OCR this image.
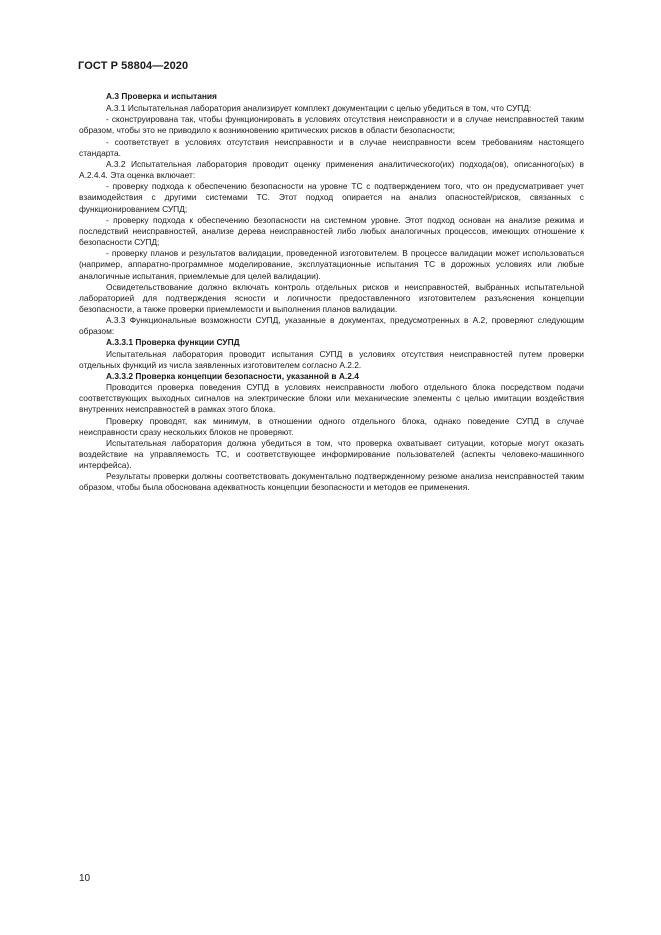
ГОСТ Р 58804—2020

А.3 Проверка и испытания

А.3.1 Испытательная лаборатория анализирует комплект документации с целью убедиться в том, что СУПД:

- сконструирована так, чтобы функционировать в условиях отсутствия неисправности и в случае неисправностей таким образом, чтобы это не приводило к возникновению критических рисков в области безопасности;

- соответствует в условиях отсутствия неисправности и в случае неисправности всем требованиям настоящего стандарта.

А.3.2 Испытательная лаборатория проводит оценку применения аналитического(их) подхода(ов), описанного(ых) в А.2.4.4. Эта оценка включает:

- проверку подхода к обеспечению безопасности на уровне ТС с подтверждением того, что он предусматривает учет взаимодействия с другими системами ТС. Этот подход опирается на анализ опасностей/рисков, связанных с функционированием СУПД;

- проверку подхода к обеспечению безопасности на системном уровне. Этот подход основан на анализе режима и последствий неисправностей, анализе дерева неисправностей либо любых аналогичных процессов, имеющих отношение к безопасности СУПД;

- проверку планов и результатов валидации, проведенной изготовителем. В процессе валидации может использоваться (например, аппаратно-программное моделирование, эксплуатационные испытания ТС в дорожных условиях или любые аналогичные испытания, приемлемые для целей валидации).

Освидетельствование должно включать контроль отдельных рисков и неисправностей, выбранных испытательной лабораторией для подтверждения ясности и логичности предоставленного изготовителем разъяснения концепции безопасности, а также проверки приемлемости и выполнения планов валидации.

А.3.3 Функциональные возможности СУПД, указанные в документах, предусмотренных в А.2, проверяют следующим образом:

А.3.3.1 Проверка функции СУПД

Испытательная лаборатория проводит испытания СУПД в условиях отсутствия неисправностей путем проверки отдельных функций из числа заявленных изготовителем согласно А.2.2.

А.3.3.2 Проверка концепции безопасности, указанной в А.2.4

Проводится проверка поведения СУПД в условиях неисправности любого отдельного блока посредством подачи соответствующих выходных сигналов на электрические блоки или механические элементы с целью имитации воздействия внутренних неисправностей в рамках этого блока.

Проверку проводят, как минимум, в отношении одного отдельного блока, однако поведение СУПД в случае неисправности сразу нескольких блоков не проверяют.

Испытательная лаборатория должна убедиться в том, что проверка охватывает ситуации, которые могут оказать воздействие на управляемость ТС, и соответствующее информирование пользователей (аспекты человеко-машинного интерфейса).

Результаты проверки должны соответствовать документально подтвержденному резюме анализа неисправностей таким образом, чтобы была обоснована адекватность концепции безопасности и методов ее применения.

10
